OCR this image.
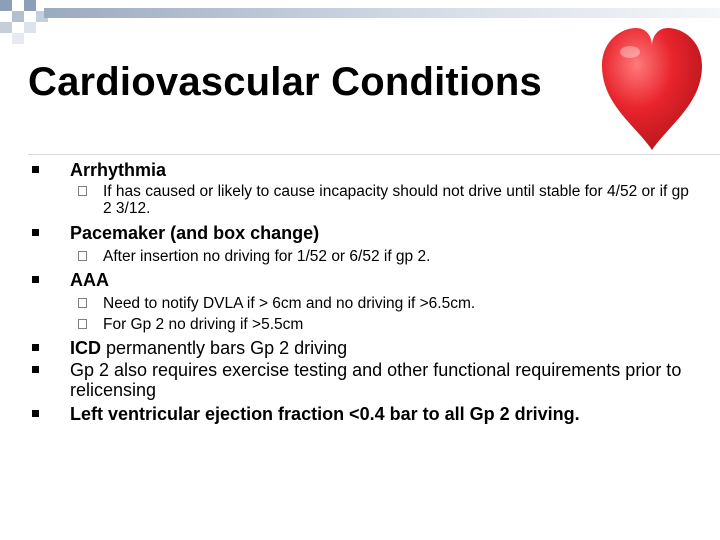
Cardiovascular Conditions
Arrhythmia
If has caused or likely to cause incapacity should not drive until stable for 4/52 or if gp 2 3/12.
Pacemaker (and box change)
After insertion no driving for 1/52 or 6/52 if gp 2.
AAA
Need to notify DVLA if > 6cm and no driving if >6.5cm.
For Gp 2 no driving if >5.5cm
ICD permanently bars Gp 2 driving
Gp 2 also requires exercise testing and other functional requirements prior to relicensing
Left ventricular ejection fraction <0.4 bar to all Gp 2 driving.
